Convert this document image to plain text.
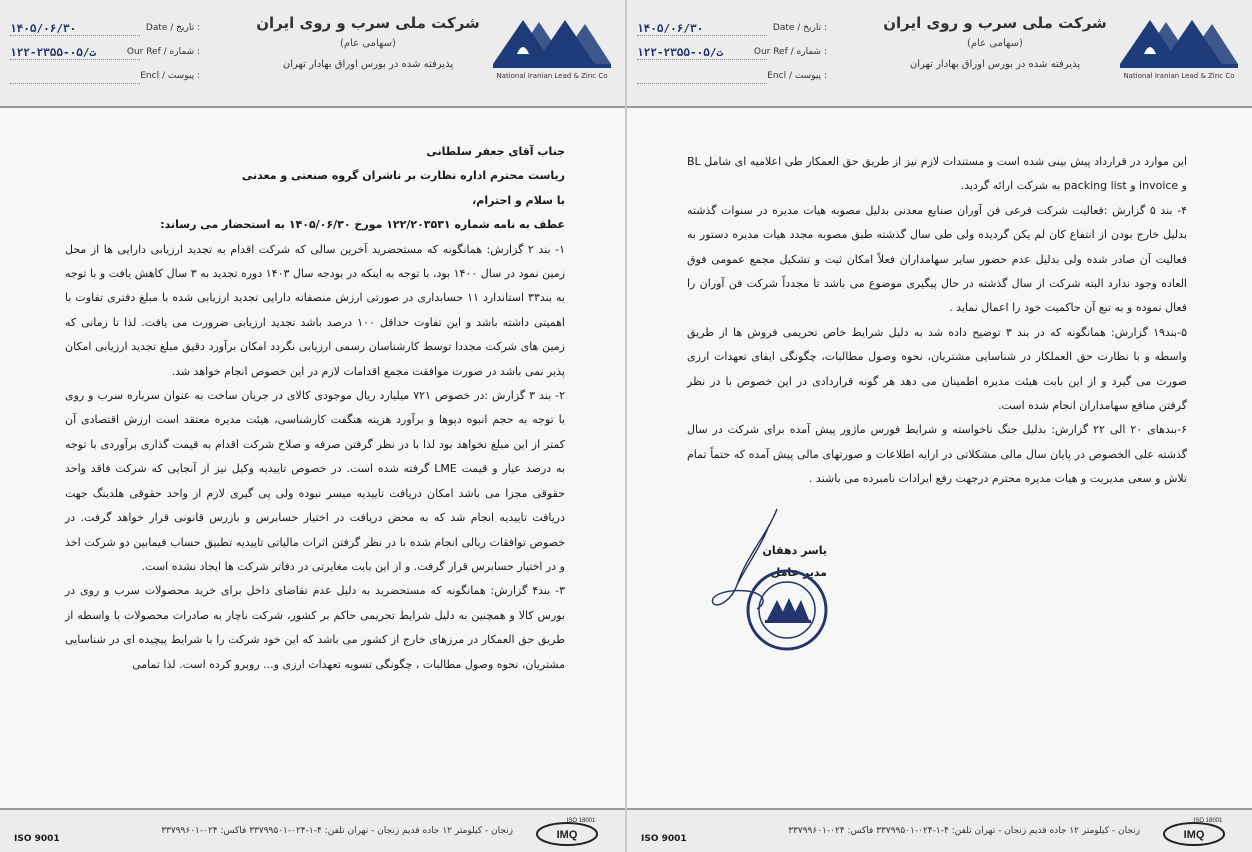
National Iranian Lead & Zinc Co
شرکت ملی سرب و روی ایران
(سهامی عام)
پذیرفته شده در بورس اوراق بهادار تهران
۱۴۰۵/۰۶/۳۰	Date / تاریخ :
۱۲۲-۲۳۵۵-۰۵/ت	Our Ref / شماره :
Encl / پیوست :
جناب آقای جعفر سلطانی
ریاست محترم اداره نظارت بر ناشران گروه صنعتی و معدنی
با سلام و احترام،
عطف به نامه شماره ۱۲۲/۲۰۳۵۳۱ مورخ ۱۴۰۵/۰۶/۳۰ به استحضار می رساند:
۱- بند ۲ گزارش: همانگونه که مستحضرید آخرین سالی که شرکت اقدام به تجدید ارزیابی دارایی ها از محل زمین نمود در سال ۱۴۰۰ بود، با توجه به اینکه در بودجه سال ۱۴۰۳ دوره تجدید به ۳ سال کاهش یافت و با توجه به بند۳۳ استاندارد ۱۱ حسابداری در صورتی ارزش منصفانه دارایی تجدید ارزیابی شده با مبلغ دفتری تفاوت با اهمیتی داشته باشد و این تفاوت حداقل ۱۰۰ درصد باشد تجدید ارزیابی ضرورت می یافت. لذا تا زمانی که زمین های شرکت مجددا توسط کارشناسان رسمی ارزیابی نگردد امکان برآورد دقیق مبلغ تجدید ارزیابی امکان پذیر نمی باشد در صورت موافقت مجمع اقدامات لازم در این خصوص انجام خواهد شد.
۲- بند ۳ گزارش :در خصوص ۷۲۱ میلیارد ریال موجودی کالای در جریان ساخت به عنوان سرباره سرب و روی با توجه به حجم انبوه دپوها و برآورد هزینه هنگفت کارشناسی، هیئت مدیره معتقد است ارزش اقتصادی آن کمتر از این مبلغ نخواهد بود لذا با در نظر گرفتن صرفه و صلاح شرکت اقدام به قیمت گذاری برآوردی با توجه به درصد عیار و قیمت LME گرفته شده است. در خصوص تاییدیه وکیل نیز از آنجایی که شرکت فاقد واحد حقوقی مجزا می باشد امکان دریافت تاییدیه میسر نبوده ولی پی گیری لازم از واحد حقوقی هلدینگ جهت دریافت تاییدیه انجام شد که به محض دریافت در اختیار حسابرس و بازرس قانونی قرار خواهد گرفت. در خصوص توافقات ریالی انجام شده با در نظر گرفتن اثرات مالیاتی تاییدیه تطبیق حساب فیمابین دو شرکت اخذ و در اختیار حسابرس قرار گرفت. و از این بابت مغایرتی در دفاتر شرکت ها ایجاد نشده است.
۳- بند۴ گزارش: همانگونه که مستحضرید به دلیل عدم تقاضای داخل برای خرید محصولات سرب و روی در بورس کالا و همچنین به دلیل شرایط تحریمی حاکم بر کشور، شرکت ناچار به صادرات محصولات با واسطه از طریق حق العمکار در مرزهای خارج از کشور می باشد که این خود شرکت را با شرایط پیچیده ای در شناسایی مشتریان، نحوه وصول مطالبات ، چگونگی تسویه تعهدات ارزی و... روبرو کرده است. لذا تمامی
ISO 9001
زنجان - کیلومتر ۱۲ جاده قدیم زنجان - تهران تلفن: ۴-۱-۰۲۴-۳۳۷۹۹۵۰۱ فاکس: ۰۲۴-۳۳۷۹۹۶۰۱	IMQ
ISO 18001
National Iranian Lead & Zinc Co
شرکت ملی سرب و روی ایران
(سهامی عام)
پذیرفته شده در بورس اوراق بهادار تهران
۱۴۰۵/۰۶/۳۰	Date / تاریخ :
۱۲۲-۲۳۵۵-۰۵/ت	Our Ref / شماره :
Encl / پیوست :
این موارد در قرارداد پیش بینی شده است و مستندات لازم نیز از طریق حق العمکار طی اعلامیه ای شامل BL و invoice و packing list به شرکت ارائه گردید.
۴- بند ۵ گزارش :فعالیت شرکت فرعی فن آوران صنایع معدنی بدلیل مصوبه هیات مدیره در سنوات گذشته بدلیل خارج بودن از انتفاع کان لم یکن گردیده ولی طی سال گذشته طبق مصوبه مجدد هیات مدیره دستور به فعالیت آن صادر شده ولی بدلیل عدم حضور سایر سهامداران فعلاً امکان ثبت و تشکیل مجمع عمومی فوق العاده وجود ندارد البته شرکت از سال گذشته در حال پیگیری موضوع می باشد تا مجدداً شرکت فن آوران را فعال نموده و به تبع آن حاکمیت خود را اعمال نماید .
۵-بند۱۹ گزارش: همانگونه که در بند ۳ توضیح داده شد به دلیل شرایط خاص تحریمی فروش ها از طریق واسطه و با نظارت حق العملکار در شناسایی مشتریان، نحوه وصول مطالبات، چگونگی ایفای تعهدات ارزی صورت می گیرد و از این بابت هیئت مدیره اطمینان می دهد هر گونه قراردادی در این خصوص با در نظر گرفتن منافع سهامداران انجام شده است.
۶-بندهای ۲۰ الی ۲۲ گزارش: بدلیل جنگ ناخواسته و شرایط فورس ماژور پیش آمده برای شرکت در سال گذشته علی الخصوص در پایان سال مالی مشکلاتی در ارایه اطلاعات و صورتهای مالی پیش آمده که حتماً تمام تلاش و سعی مدیریت و هیات مدیره محترم درجهت رفع ایرادات نامبرده می باشند .
یاسر دهقان
مدیر عامل
ISO 9001
زنجان - کیلومتر ۱۲ جاده قدیم زنجان - تهران تلفن: ۴-۱-۰۲۴-۳۳۷۹۹۵۰۱ فاکس: ۰۲۴-۳۳۷۹۹۶۰۱	IMQ
ISO 18001
